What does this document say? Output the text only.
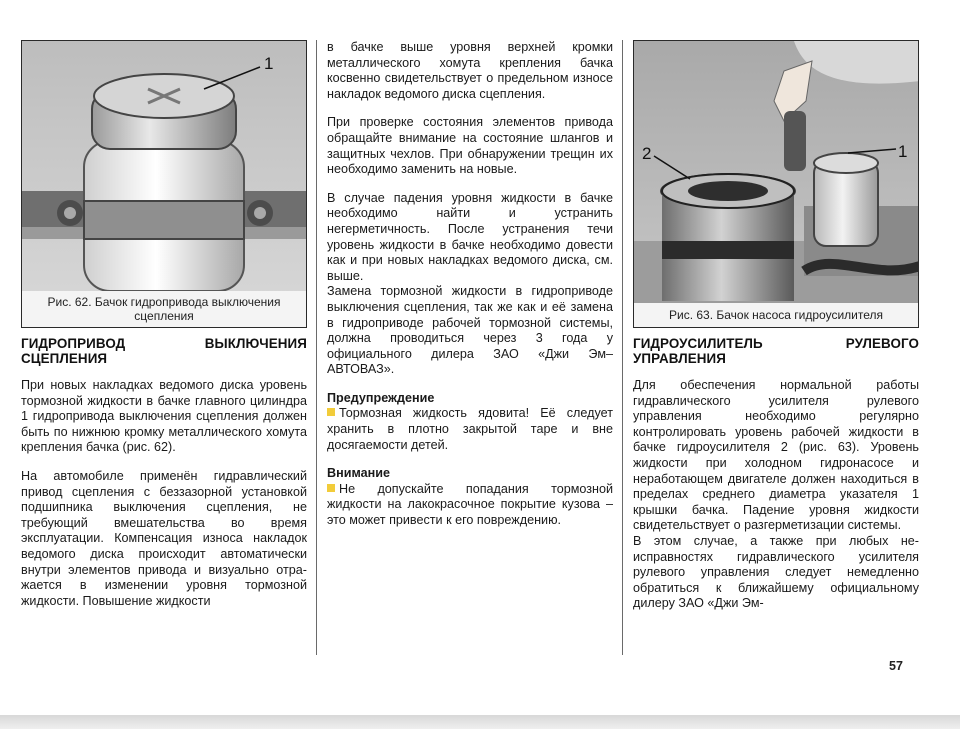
1
Рис. 62. Бачок гидропривода выключения сцепления
ГИДРОПРИВОД ВЫКЛЮЧЕНИЯ СЦЕПЛЕНИЯ

При новых накладках ведомого диска уровень тормозной жидкости в бачке главного цилиндра 1 гидропривода выключения сцепления должен быть по нижнюю кромку металлического хомута крепления бачка (рис. 62).

На автомобиле применён гидравлический привод сцепления с беззазорной установкой подшипника выключения сцепления, не требующий вмешательства во время эксплуатации. Компенсация износа накладок ведомого диска происходит автоматически внутри элементов привода и визуально отражается в изменении уровня тормозной жидкости. Повышение жидкости

в бачке выше уровня верхней кромки металлического хомута крепления бачка косвенно свидетельствует о предельном износе накладок ведомого диска сцепления.

При проверке состояния элементов привода обращайте внимание на состояние шлангов и защитных чехлов. При обнаружении трещин их необходимо заменить на новые.

В случае падения уровня жидкости в бачке необходимо найти и устранить негерметичность. После устранения течи уровень жидкости в бачке необходимо довести как и при новых накладках ведомого диска, см. выше.

Замена тормозной жидкости в гидроприводе выключения сцепления, так же как и её замена в гидроприводе рабочей тормозной системы, должна проводиться через 3 года у официального дилера ЗАО «Джи Эм–АВТОВАЗ».

Предупреждение

Тормозная жидкость ядовита! Её следует хранить в плотно закрытой таре и вне досягаемости детей.

Внимание

Не допускайте попадания тормозной жидкости на лакокрасочное покрытие кузова – это может привести к его повреждению.

2	1
Рис. 63. Бачок насоса гидроусилителя
ГИДРОУСИЛИТЕЛЬ РУЛЕВОГО УПРАВЛЕНИЯ

Для обеспечения нормальной работы гидравлического усилителя рулевого управления необходимо регулярно контролировать уровень рабочей жидкости в бачке гидроусилителя 2 (рис. 63). Уровень жидкости при холодном гидронасосе и неработающем двигателе должен находиться в пределах среднего диаметра указателя 1 крышки бачка. Падение уровня жидкости свидетельствует о разгерметизации системы.

В этом случае, а также при любых неисправностях гидравлического усилителя рулевого управления следует немедленно обратиться к ближайшему официальному дилеру ЗАО «Джи Эм-

57
